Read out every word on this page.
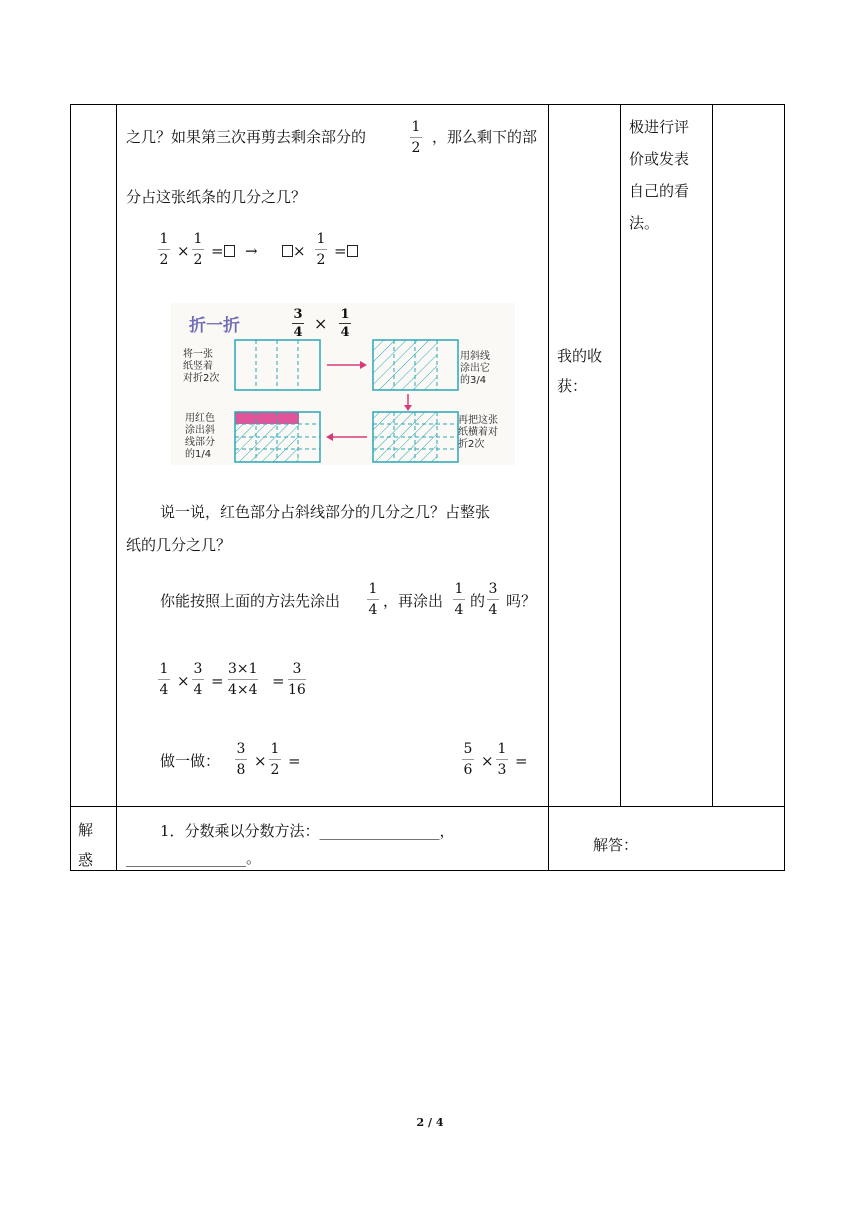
之几？如果第三次再剪去剩余部分的
1
2
，那么剩下的部
分占这张纸条的几分之几？
1
2 ×
1
2 =	→	×
1
2 =
折一折
3
4 × 1
4
将一张
纸竖着
对折2次
用斜线
涂出它
的3/4
用红色
涂出斜
线部分
的1/4
再把这张
纸横着对
折2次
说一说，红色部分占斜线部分的几分之几？占整张
纸的几分之几？
你能按照上面的方法先涂出
1
4 ，再涂出
1
4 的
3
4 吗？
1
4 ×
3
4 =
3×1
4×4 =
3
16
做一做：
3
8 ×
1
2 =
5
6 ×
1
3 =
我的收获：
极进行评
价或发表
自己的看
法。
解
惑
1．分数乘以分数方法：________________，
________________。
解答：
2 / 4
